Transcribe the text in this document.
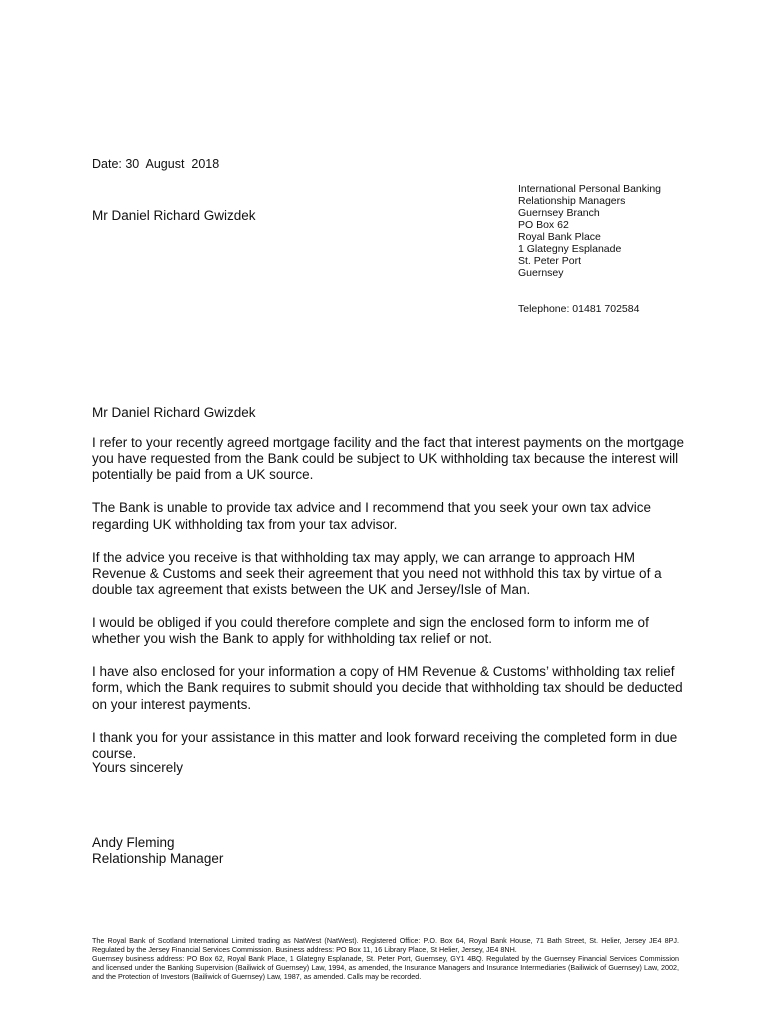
Date: 30  August  2018
Mr Daniel Richard Gwizdek
International Personal Banking
Relationship Managers
Guernsey Branch
PO Box 62
Royal Bank Place
1 Glategny Esplanade
St. Peter Port
Guernsey
Telephone: 01481 702584
Mr Daniel Richard Gwizdek

I refer to your recently agreed mortgage facility and the fact that interest payments on the mortgage you have requested from the Bank could be subject to UK withholding tax because the interest will potentially be paid from a UK source.

The Bank is unable to provide tax advice and I recommend that you seek your own tax advice regarding UK withholding tax from your tax advisor.

If the advice you receive is that withholding tax may apply, we can arrange to approach HM Revenue & Customs and seek their agreement that you need not withhold this tax by virtue of a double tax agreement that exists between the UK and Jersey/Isle of Man.

I would be obliged if you could therefore complete and sign the enclosed form to inform me of whether you wish the Bank to apply for withholding tax relief or not.

I have also enclosed for your information a copy of HM Revenue & Customs’ withholding tax relief form, which the Bank requires to submit should you decide that withholding tax should be deducted on your interest payments.

I thank you for your assistance in this matter and look forward receiving the completed form in due course.

Yours sincerely
Andy Fleming
Relationship Manager

The Royal Bank of Scotland International Limited trading as NatWest (NatWest). Registered Office: P.O. Box 64, Royal Bank House, 71 Bath Street, St. Helier, Jersey JE4 8PJ. Regulated by the Jersey Financial Services Commission. Business address: PO Box 11, 16 Library Place, St Helier, Jersey, JE4 8NH.

Guernsey business address: PO Box 62, Royal Bank Place, 1 Glategny Esplanade, St. Peter Port, Guernsey, GY1 4BQ. Regulated by the Guernsey Financial Services Commission and licensed under the Banking Supervision (Bailiwick of Guernsey) Law, 1994, as amended, the Insurance Managers and Insurance Intermediaries (Bailiwick of Guernsey) Law, 2002, and the Protection of Investors (Bailiwick of Guernsey) Law, 1987, as amended. Calls may be recorded.
